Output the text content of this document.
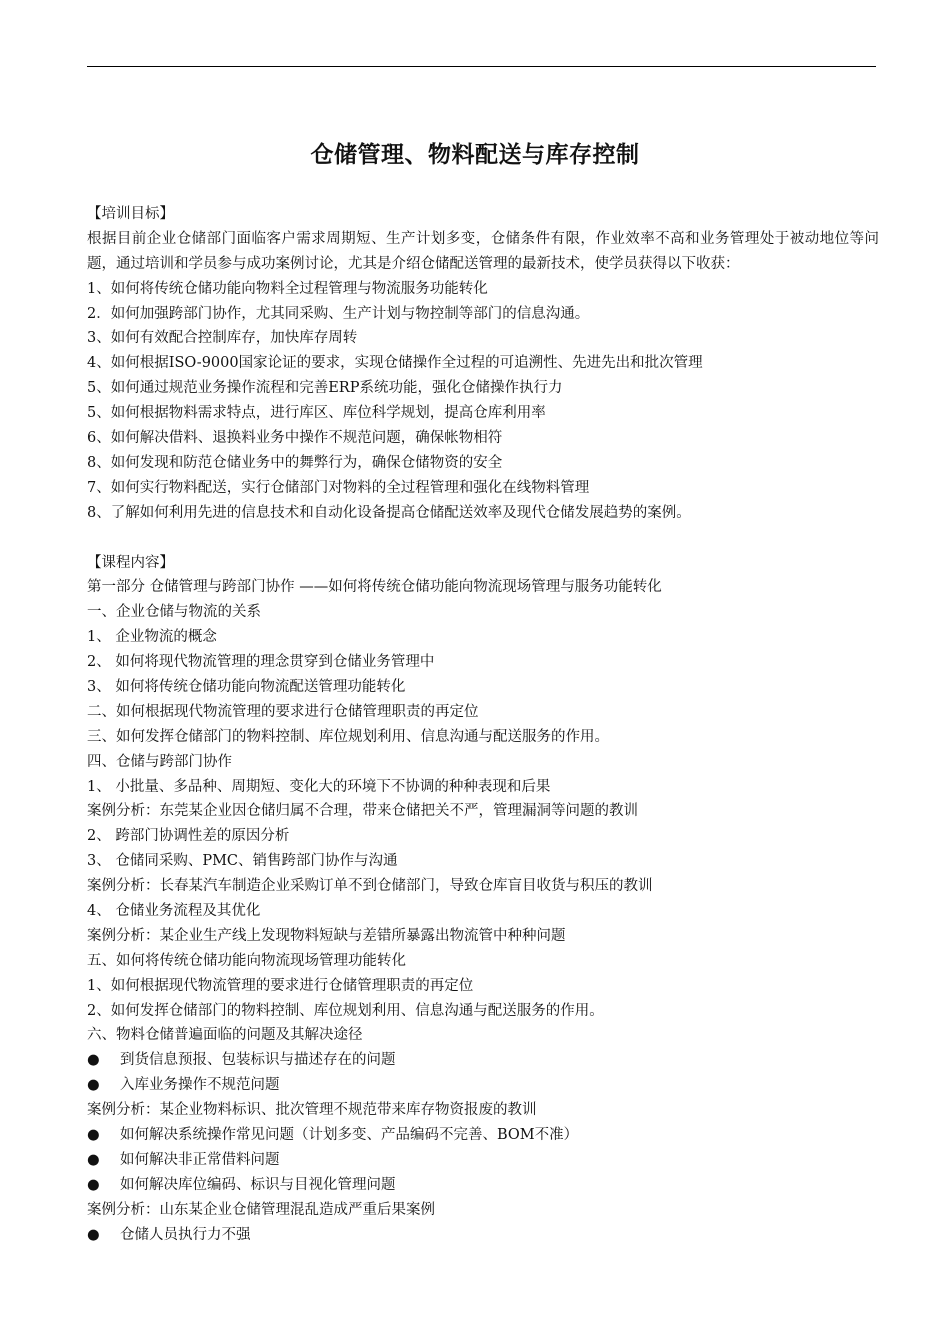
仓储管理、物料配送与库存控制
【培训目标】
根据目前企业仓储部门面临客户需求周期短、生产计划多变，仓储条件有限，作业效率不高和业务管理处于被动地位等问题，通过培训和学员参与成功案例讨论，尤其是介绍仓储配送管理的最新技术，使学员获得以下收获：
1、如何将传统仓储功能向物料全过程管理与物流服务功能转化
2．如何加强跨部门协作，尤其同采购、生产计划与物控制等部门的信息沟通。
3、如何有效配合控制库存，加快库存周转
4、如何根据ISO-9000国家论证的要求，实现仓储操作全过程的可追溯性、先进先出和批次管理
5、如何通过规范业务操作流程和完善ERP系统功能，强化仓储操作执行力
5、如何根据物料需求特点，进行库区、库位科学规划，提高仓库利用率
6、如何解决借料、退换料业务中操作不规范问题，确保帐物相符
8、如何发现和防范仓储业务中的舞弊行为，确保仓储物资的安全
7、如何实行物料配送，实行仓储部门对物料的全过程管理和强化在线物料管理
8、了解如何利用先进的信息技术和自动化设备提高仓储配送效率及现代仓储发展趋势的案例。
【课程内容】
第一部分 仓储管理与跨部门协作 ——如何将传统仓储功能向物流现场管理与服务功能转化
一、企业仓储与物流的关系
1、 企业物流的概念
2、 如何将现代物流管理的理念贯穿到仓储业务管理中
3、 如何将传统仓储功能向物流配送管理功能转化
二、如何根据现代物流管理的要求进行仓储管理职责的再定位
三、如何发挥仓储部门的物料控制、库位规划利用、信息沟通与配送服务的作用。
四、仓储与跨部门协作
1、 小批量、多品种、周期短、变化大的环境下不协调的种种表现和后果
案例分析：东莞某企业因仓储归属不合理，带来仓储把关不严，管理漏洞等问题的教训
2、 跨部门协调性差的原因分析
3、 仓储同采购、PMC、销售跨部门协作与沟通
案例分析：长春某汽车制造企业采购订单不到仓储部门，导致仓库盲目收货与积压的教训
4、 仓储业务流程及其优化
案例分析：某企业生产线上发现物料短缺与差错所暴露出物流管中种种问题
五、如何将传统仓储功能向物流现场管理功能转化
1、如何根据现代物流管理的要求进行仓储管理职责的再定位
2、如何发挥仓储部门的物料控制、库位规划利用、信息沟通与配送服务的作用。
六、物料仓储普遍面临的问题及其解决途径
● 到货信息预报、包装标识与描述存在的问题
● 入库业务操作不规范问题
案例分析：某企业物料标识、批次管理不规范带来库存物资报废的教训
● 如何解决系统操作常见问题（计划多变、产品编码不完善、BOM不准）
● 如何解决非正常借料问题
● 如何解决库位编码、标识与目视化管理问题
案例分析：山东某企业仓储管理混乱造成严重后果案例
● 仓储人员执行力不强
